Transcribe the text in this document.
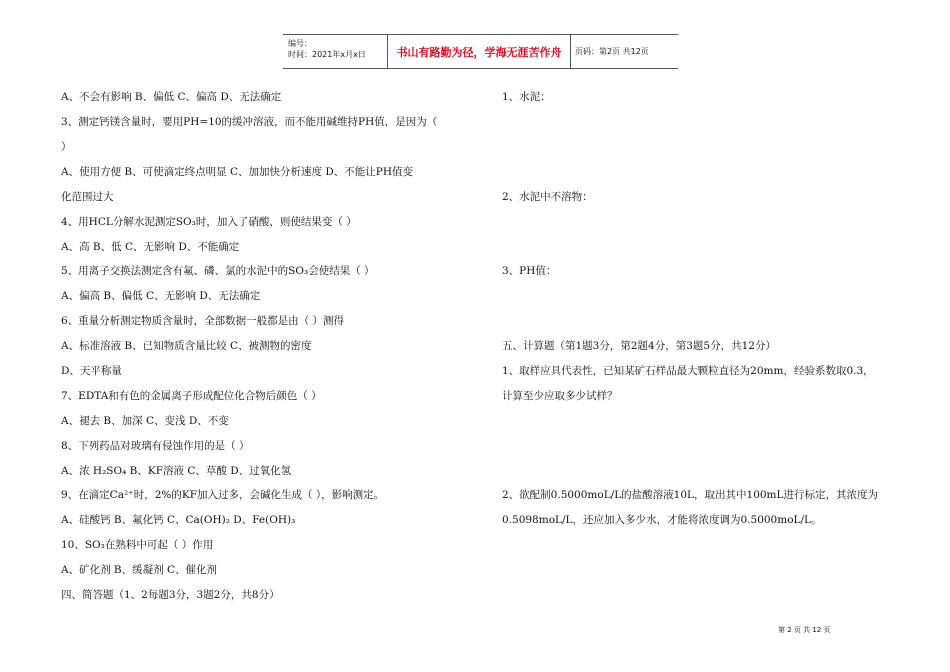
编号：
时间：2021年x月x日	书山有路勤为径，学海无涯苦作舟	页码：第2页 共12页
A、不会有影响 B、偏低 C、偏高 D、无法确定
3、测定钙镁含量时，要用PH=10的缓冲溶液，而不能用碱维持PH值，是因为（
）
A、使用方便 B、可使滴定终点明显 C、加加快分析速度 D、不能让PH值变
化范围过大
4、用HCL分解水泥测定SO₃时，加入了硝酸，则使结果变（ ）
A、高 B、低 C、无影响 D、不能确定
5、用离子交换法测定含有氟、磷、氯的水泥中的SO₃会使结果（ ）
A、偏高 B、偏低 C、无影响 D、无法确定
6、重量分析测定物质含量时，全部数据一般都是由（ ）测得
A、标准溶液 B、已知物质含量比较 C、被测物的密度
D、天平称量
7、EDTA和有色的金属离子形成配位化合物后颜色（ ）
A、褪去 B、加深 C、变浅 D、不变
8、下列药品对玻璃有侵蚀作用的是（ ）
A、浓 H₂SO₄ B、KF溶液 C、草酸 D、过氧化氢
9、在滴定Ca²⁺时，2%的KF加入过多，会碱化生成（ ），影响测定。
A、硅酸钙 B、氟化钙 C、Ca(OH)₂ D、Fe(OH)₃
10、SO₃在熟料中可起（ ）作用
A、矿化剂 B、缓凝剂 C、催化剂
四、简答题（1、2每题3分，3题2分，共8分）
1、水泥：
2、水泥中不溶物：
3、PH值：
五、计算题（第1题3分，第2题4分，第3题5分，共12分）
1、取样应具代表性，已知某矿石样品最大颗粒直径为20mm，经验系数取0.3，
计算至少应取多少试样？
2、欲配制0.5000moL/L的盐酸溶液10L，取出其中100mL进行标定，其浓度为
0.5098moL/L，还应加入多少水，才能将浓度调为0.5000moL/L。
第 2 页 共 12 页
